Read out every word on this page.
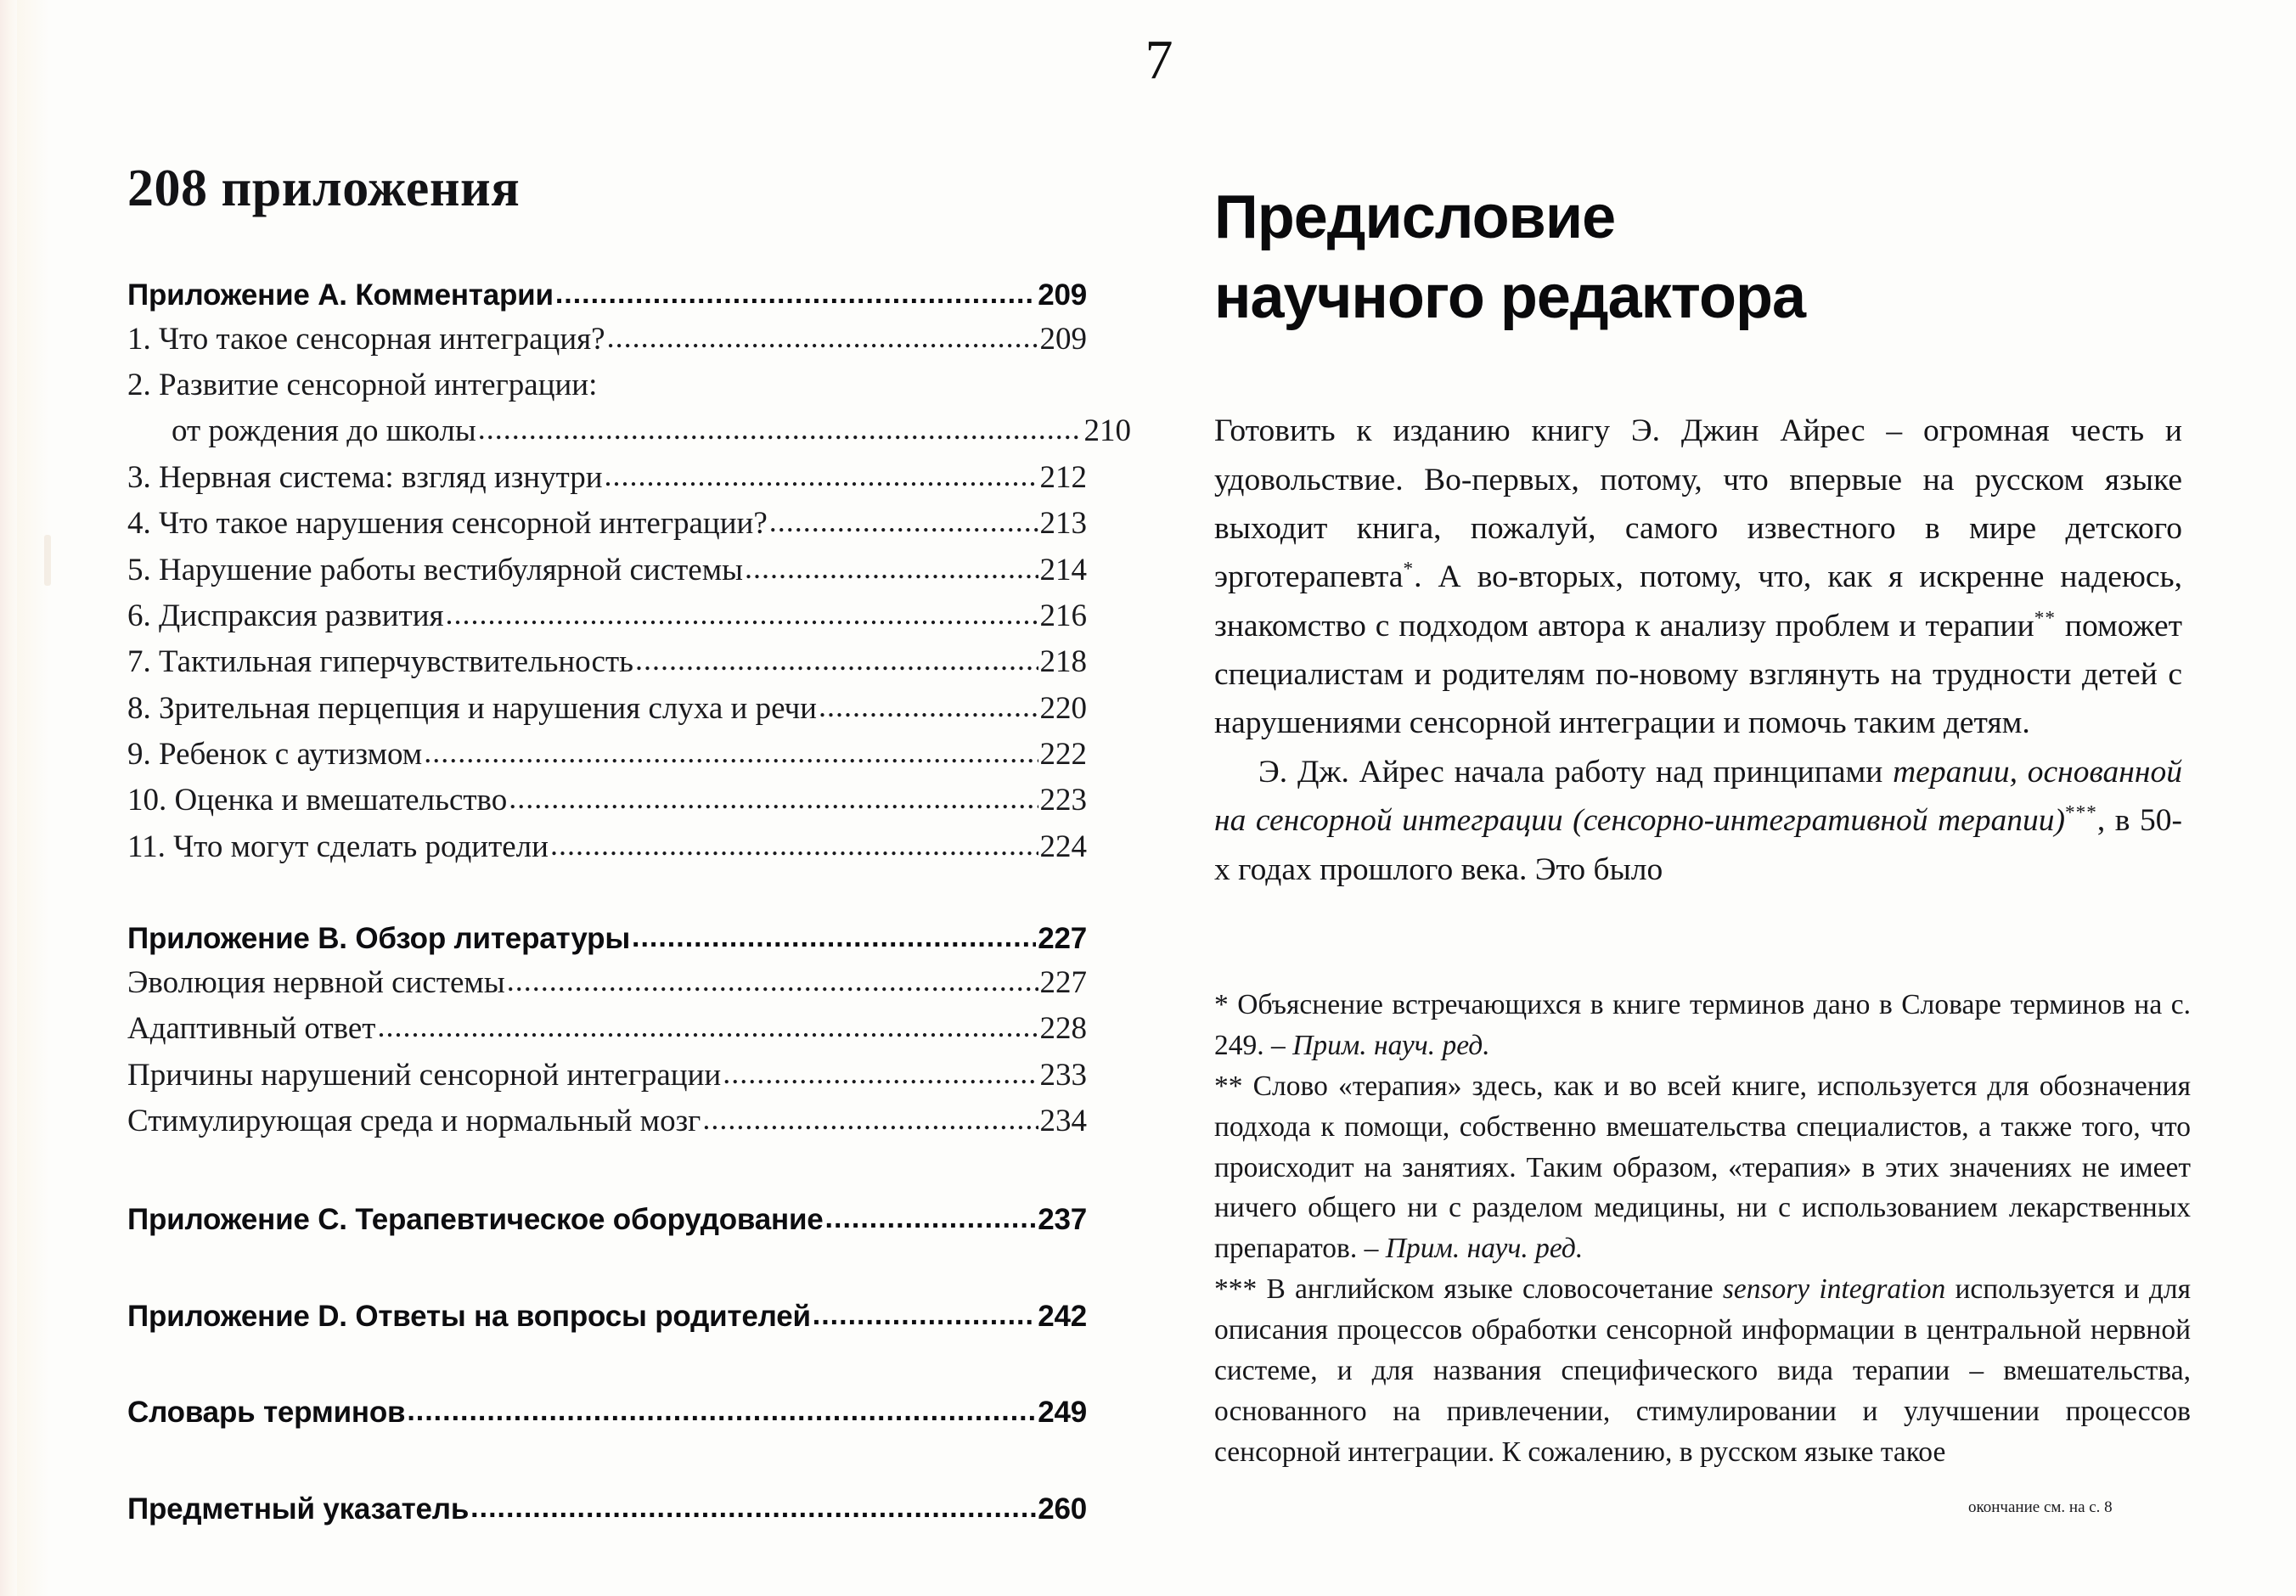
7
208 приложения
Приложение A. Комментарии .....	209
1. Что такое сенсорная интеграция? .....	209
2. Развитие сенсорной интеграции:
от рождения до школы .....	210
3. Нервная система: взгляд изнутри .....	212
4. Что такое нарушения сенсорной интеграции? .....	213
5. Нарушение работы вестибулярной системы .....	214
6. Диспраксия развития .....	216
7. Тактильная гиперчувствительность .....	218
8. Зрительная перцепция и нарушения слуха и речи .....	220
9. Ребенок с аутизмом .....	222
10. Оценка и вмешательство .....	223
11. Что могут сделать родители .....	224
Приложение B. Обзор литературы .....	227
Эволюция нервной системы .....	227
Адаптивный ответ .....	228
Причины нарушений сенсорной интеграции .....	233
Стимулирующая среда и нормальный мозг .....	234
Приложение C. Терапевтическое оборудование .....	237
Приложение D. Ответы на вопросы родителей .....	242
Словарь терминов .....	249
Предметный указатель .....	260
Предисловие
научного редактора

Готовить к изданию книгу Э. Джин Айрес – огромная честь и удовольствие. Во-первых, потому, что впервые на русском языке выходит книга, пожалуй, самого известного в мире детского эрготерапевта*. А во-вторых, потому, что, как я искренне надеюсь, знакомство с подходом автора к анализу проблем и терапии** поможет специалистам и родителям по-новому взглянуть на трудности детей с нарушениями сенсорной интеграции и помочь таким детям.

Э. Дж. Айрес начала работу над принципами терапии, основанной на сенсорной интеграции (сенсорно-интегративной терапии)***, в 50-х годах прошлого века. Это было

* Объяснение встречающихся в книге терминов дано в Словаре терминов на с. 249. – Прим. науч. ред.

** Слово «терапия» здесь, как и во всей книге, используется для обозначения подхода к помощи, собственно вмешательства специалистов, а также того, что происходит на занятиях. Таким образом, «терапия» в этих значениях не имеет ничего общего ни с разделом медицины, ни с использованием лекарственных препаратов. – Прим. науч. ред.

*** В английском языке словосочетание sensory integration используется и для описания процессов обработки сенсорной информации в центральной нервной системе, и для названия специфического вида терапии – вмешательства, основанного на привлечении, стимулировании и улучшении процессов сенсорной интеграции. К сожалению, в русском языке такое

окончание см. на с. 8
